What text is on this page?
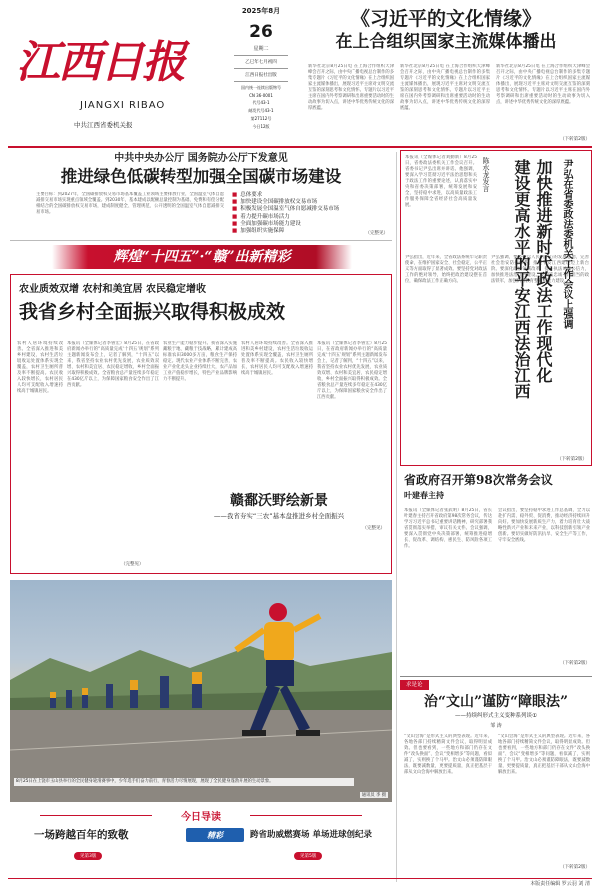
江西日报
JIANGXI RIBAO
中共江西省委机关报
2025年8月
26
星期二
乙巳年七月初四
江西日报社出版
国内统一连续出版物号
CN 36-0001
代号43-1
邮发代号43-1
第27112号
今日12版
《习近平的文化情缘》
在上合组织国家主流媒体播出
新华社北京8月25日电 在上海合作组织天津峰会召开之际，由中央广播电视总台制作的多集专题片《习近平的文化情缘》在上合组织国家主流媒体播出，展现习近平主席对文明交流互鉴的深刻思考和文化情怀。专题片以习近平主席在国内外考察调研和出席重要活动时的生动故事为切入点，讲述中华优秀传统文化的深厚底蕴。
新华社北京8月25日电 在上海合作组织天津峰会召开之际，由中央广播电视总台制作的多集专题片《习近平的文化情缘》在上合组织国家主流媒体播出，展现习近平主席对文明交流互鉴的深刻思考和文化情怀。专题片以习近平主席在国内外考察调研和出席重要活动时的生动故事为切入点，讲述中华优秀传统文化的深厚底蕴。
新华社北京8月25日电 在上海合作组织天津峰会召开之际，由中央广播电视总台制作的多集专题片《习近平的文化情缘》在上合组织国家主流媒体播出，展现习近平主席对文明交流互鉴的深刻思考和文化情怀。专题片以习近平主席在国内外考察调研和出席重要活动时的生动故事为切入点，讲述中华优秀传统文化的深厚底蕴。
（下转第2版）
中共中央办公厅 国务院办公厅下发意见
推进绿色低碳转型加强全国碳市场建设
主要目标：到2027年，全国碳排放权交易市场基本覆盖工业领域主要排放行业，全国温室气体自愿减排交易市场实现重点领域全覆盖。到2030年，基本建成以配额总量控制为基础、免费和有偿分配相结合的全国碳排放权交易市场，建成制度健全、管理规范、公开透明的全国温室气体自愿减排交易市场。
■ 总体要求
■ 加快建设全国碳排放权交易市场
■ 积极发展全国温室气体自愿减排交易市场
■ 着力提升碳市场活力
■ 全面加强碳市场能力建设
■ 加强组织实施保障	（完整见）
辉煌“十四五”·“赣”出新精彩
农业质效双增 农村和美宜居 农民稳定增收
我省乡村全面振兴取得积极成效
本报讯（全媒体记者李鲁宏）8月25日，在省政府新闻办举行的“高质量完成‘十四五’规划”系列主题新闻发布会上，记者了解到，“十四五”以来，我省坚持农业农村优先发展，农业质效双增、农村和美宜居、农民稳定增收，乡村全面振兴取得积极成效。全省粮食总产量连续多年稳定在430亿斤以上，为保障国家粮食安全作出了江西贡献。
农业生产能力稳步提升。我省深入实施藏粮于地、藏粮于技战略，累计建成高标准农田3000多万亩，粮食生产保持稳定。现代农业产业体系不断完善，农业产业化龙头企业持续壮大，农产品加工业产值稳步增长，特色产业品牌影响力不断提升。
农村人居环境持续改善。全省深入推进和美乡村建设，农村生活垃圾收运处置体系实现全覆盖，农村卫生厕所普及率不断提高。农民收入较快增长，农村居民人均可支配收入增速持续高于城镇居民。
本报讯（全媒体记者李鲁宏）8月25日，在省政府新闻办举行的“高质量完成‘十四五’规划”系列主题新闻发布会上，记者了解到，“十四五”以来，我省坚持农业农村优先发展，农业质效双增、农村和美宜居、农民稳定增收，乡村全面振兴取得积极成效。全省粮食总产量连续多年稳定在430亿斤以上，为保障国家粮食安全作出了江西贡献。
农村人居环境持续改善。全省深入推进和美乡村建设，农村生活垃圾收运处置体系实现全覆盖，农村卫生厕所普及率不断提高。农民收入较快增长，农村居民人均可支配收入增速持续高于城镇居民。
赣鄱沃野绘新景
——我省夯实“三农”基本盘推进乡村全面振兴
（完整见）
（完整见）
8月25日在上饶市玉山县举行的全民健身轮滑赛事中，少年选手们奋力前行，青春活力尽情展现，展现了全民健身蓬勃开展的生动景象。
通讯员 李 摄
今日导读
一场跨越百年的致敬
见第3版
精彩	跨省助威燃赛场 单场进球创纪录
见第5版
本报讯（全媒体记者刘勤新）8月25日，省委政法委机关工作会议召开。省委书记尹弘出席并讲话。他强调，要深入学习贯彻习近平法治思想和关于政法工作的重要论述，认真落实中央和省委决策部署，统筹发展和安全，坚持稳中求进，以高质量政法工作服务保障全省经济社会高质量发展。
尹弘指出，近年来，全省政法系统牢记职责使命，在维护国家安全、社会稳定、公平正义等方面取得了显著成效。要坚持党对政法工作的绝对领导，始终把政治建设摆在首位，确保政法工作正确方向。
尹弘强调，要坚持以人民为中心的发展思想，完善社会治安防控体系，推进平安江西建设迈上新台阶。要深化政法领域改革，提升执法司法公信力，加快推进法治江西建设。要锻造忠诚干净担当的政法铁军，加强队伍教育整顿和能力建设。
陈水龙发言 建设更高水平的平安江西法治江西 加快推进新时代政法工作现代化 尹弘在省委政法委机关工作会议上强调
（下转第2版）
省政府召开第98次常务会议
叶建春主持
本报讯（全媒体记者张武明）8月25日，省长叶建春主持召开省政府第98次常务会议，传达学习习近平总书记重要讲话精神，研究部署我省贯彻落实举措，审议有关文件。会议强调，要深入贯彻党中央决策部署，统筹推进稳增长、促改革、调结构、惠民生、防风险各项工作。
会议指出，要坚持稳中求进工作总基调，全力以赴扩内需、稳外贸、促消费，推动经济持续回升向好。要加快发展新质生产力，着力培育壮大战略性新兴产业和未来产业，以科技创新引领产业创新。要切实做好防汛抗旱、安全生产等工作，守牢安全底线。
（下转第2版）
求是论
治“文山”谨防“障眼法”
——持续纠形式主义变种系列谈①
邹 涛
“文山会海”是形式主义的典型表现。近年来，各地各部门持续精简文件会议，取得明显成效。但也要看到，一些地方和部门仍存在文件“改头换面”、会议“变相增多”等问题，看似减了，实则换了个马甲。治文山必须谨防障眼法，既要减数量，更要提质量，真正把基层干部从文山会海中解放出来。
“文山会海”是形式主义的典型表现。近年来，各地各部门持续精简文件会议，取得明显成效。但也要看到，一些地方和部门仍存在文件“改头换面”、会议“变相增多”等问题，看似减了，实则换了个马甲。治文山必须谨防障眼法，既要减数量，更要提质量，真正把基层干部从文山会海中解放出来。
（下转第2版）
本版责任编辑 罗云羽 刘 清
